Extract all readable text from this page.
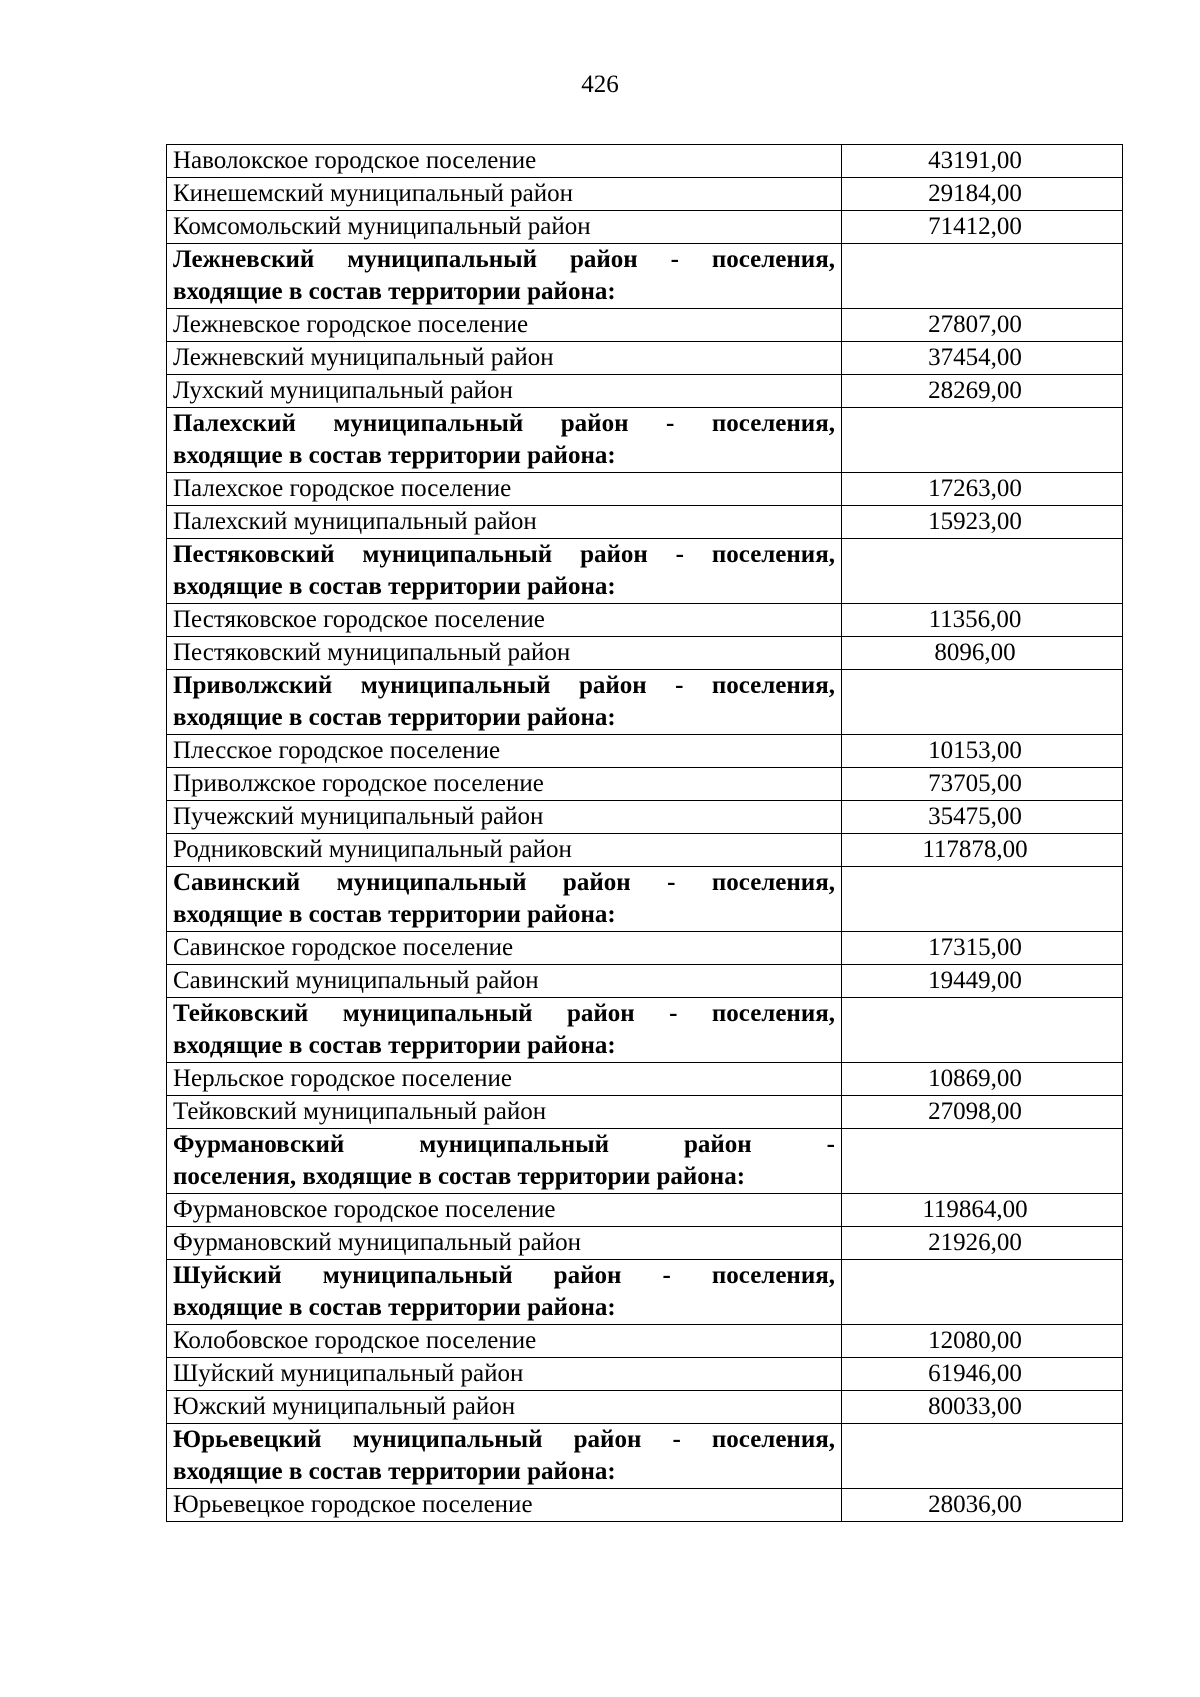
426
Наволокское городское поселение	43191,00
Кинешемский муниципальный район	29184,00
Комсомольский муниципальный район	71412,00

Лежневский муниципальный район - поселения,
входящие в состав территории района:	

Лежневское городское поселение	27807,00
Лежневский муниципальный район	37454,00
Лухский муниципальный район	28269,00

Палехский муниципальный район - поселения,
входящие в состав территории района:	

Палехское городское поселение	17263,00
Палехский муниципальный район	15923,00

Пестяковский муниципальный район - поселения,
входящие в состав территории района:	

Пестяковское городское поселение	11356,00
Пестяковский муниципальный район	8096,00

Приволжский муниципальный район - поселения,
входящие в состав территории района:	

Плесское городское поселение	10153,00
Приволжское городское поселение	73705,00
Пучежский муниципальный район	35475,00
Родниковский муниципальный район	117878,00

Савинский муниципальный район - поселения,
входящие в состав территории района:	

Савинское городское поселение	17315,00
Савинский муниципальный район	19449,00

Тейковский муниципальный район - поселения,
входящие в состав территории района:	

Нерльское городское поселение	10869,00
Тейковский муниципальный район	27098,00

Фурмановский муниципальный район -
поселения, входящие в состав территории района:	

Фурмановское городское поселение	119864,00
Фурмановский муниципальный район	21926,00

Шуйский муниципальный район - поселения,
входящие в состав территории района:	

Колобовское городское поселение	12080,00
Шуйский муниципальный район	61946,00
Южский муниципальный район	80033,00

Юрьевецкий муниципальный район - поселения,
входящие в состав территории района:	

Юрьевецкое городское поселение	28036,00
